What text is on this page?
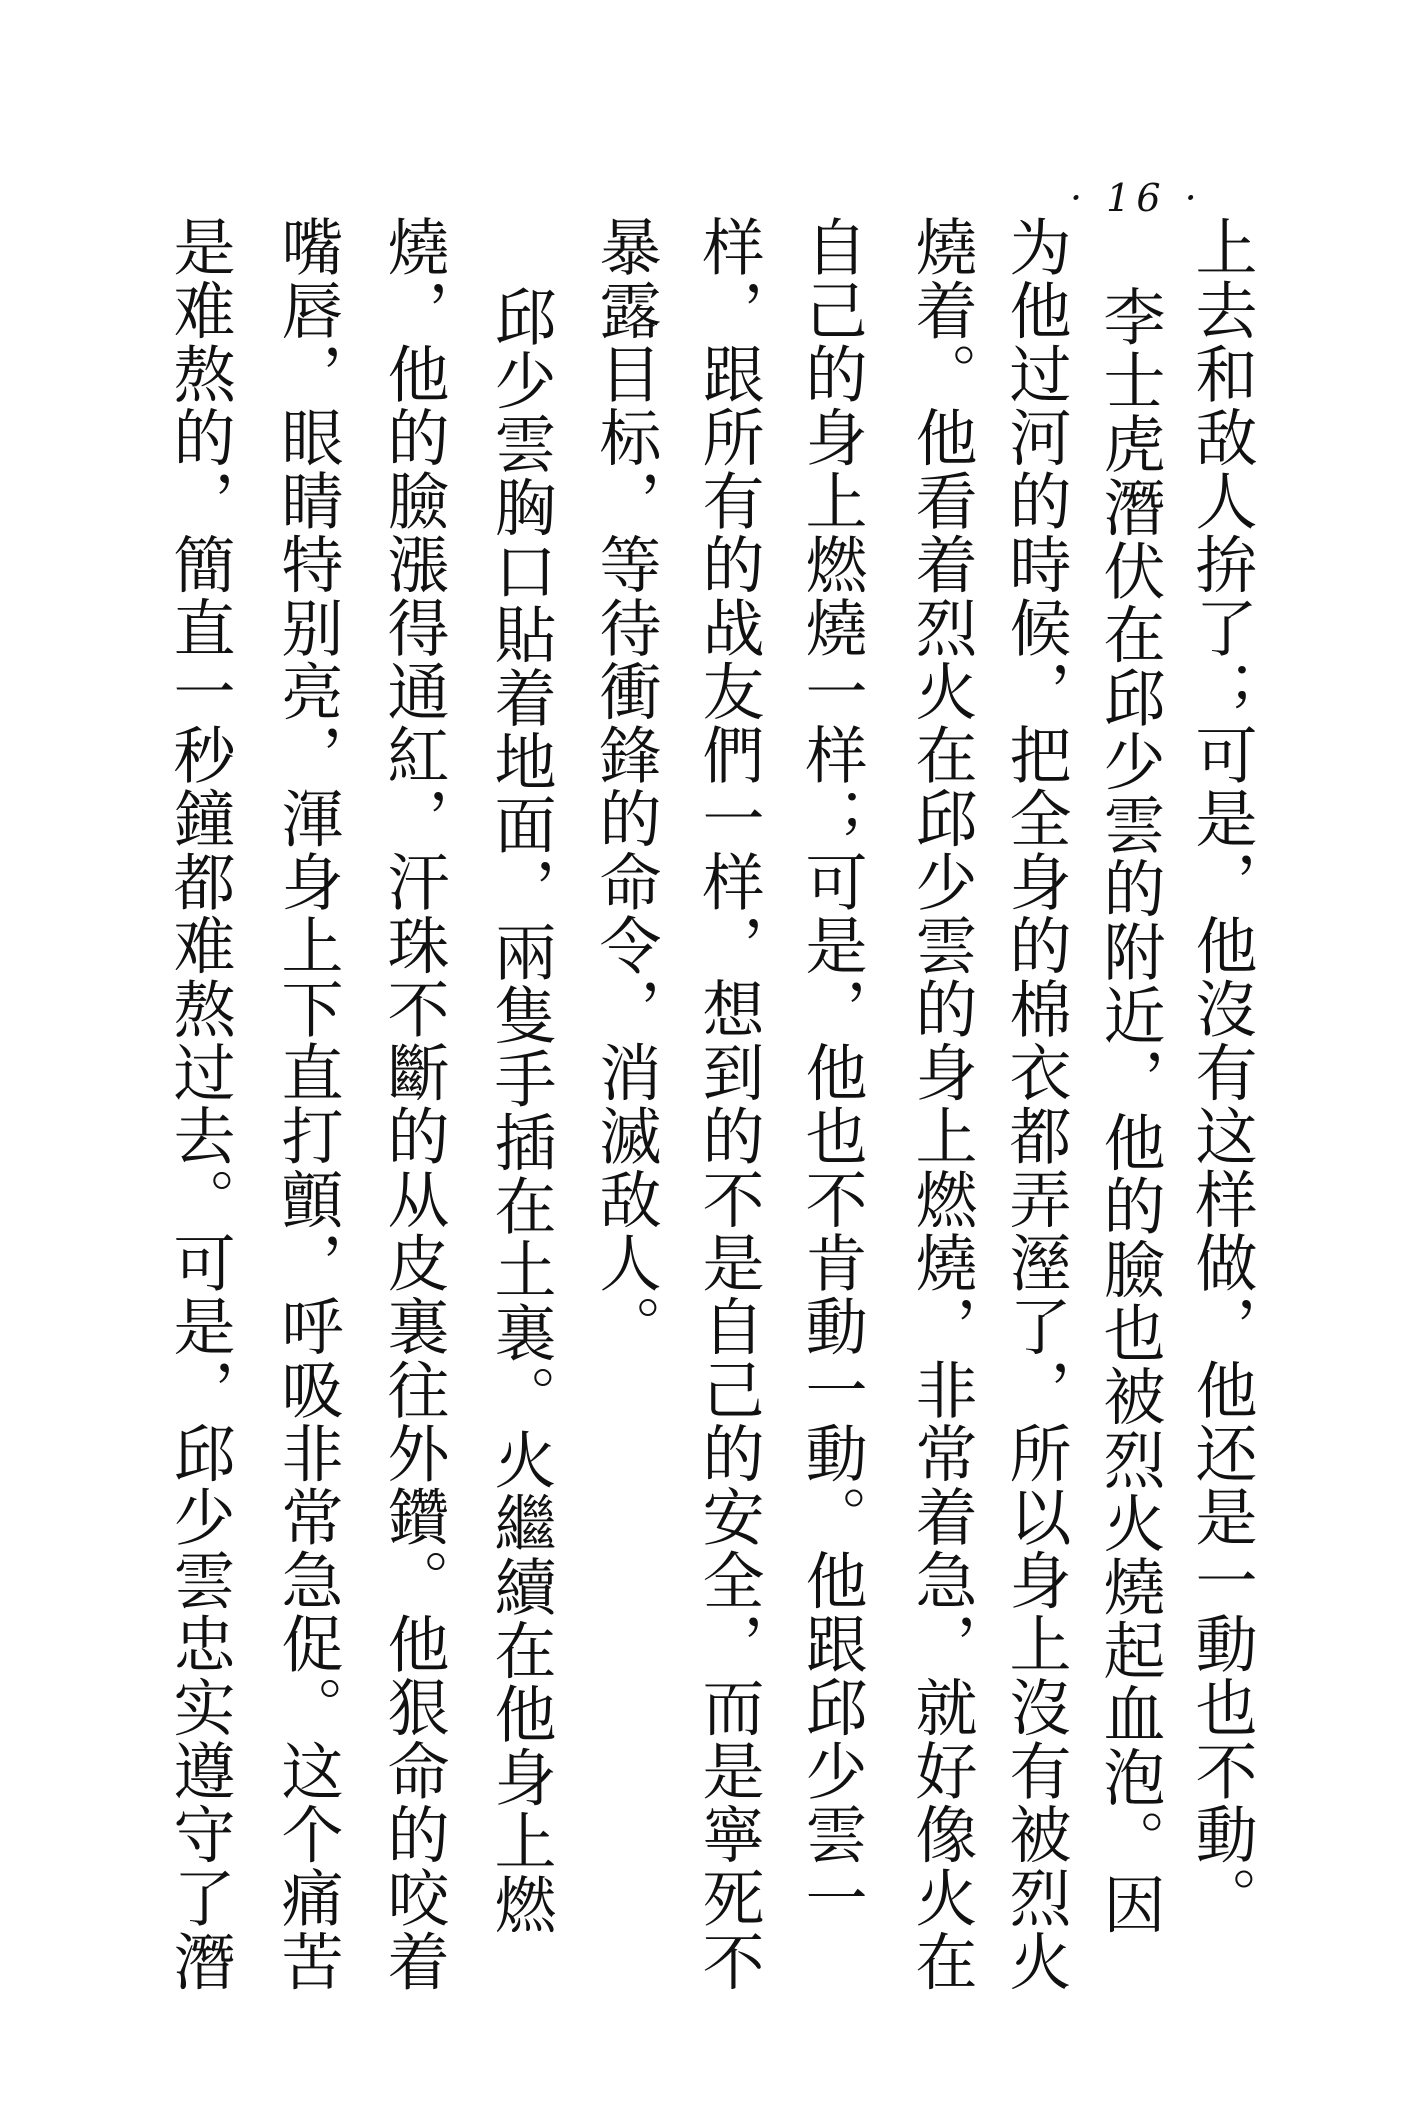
· 16 ·
上去和敌人拚了；可是，他沒有这样做，他还是一動也不動。
李士虎潛伏在邱少雲的附近，他的臉也被烈火燒起血泡。因
为他过河的時候，把全身的棉衣都弄溼了，所以身上沒有被烈火
燒着。他看着烈火在邱少雲的身上燃燒，非常着急，就好像火在
自己的身上燃燒一样；可是，他也不肯動一動。他跟邱少雲一
样，跟所有的战友們一样，想到的不是自己的安全，而是寧死不
暴露目标，等待衝鋒的命令，消滅敌人。
邱少雲胸口貼着地面，兩隻手插在土裏。火繼續在他身上燃
燒，他的臉漲得通紅，汗珠不斷的从皮裏往外鑽。他狠命的咬着
嘴唇，眼睛特别亮，渾身上下直打顫，呼吸非常急促。这个痛苦
是难熬的，簡直一秒鐘都难熬过去。可是，邱少雲忠实遵守了潛
